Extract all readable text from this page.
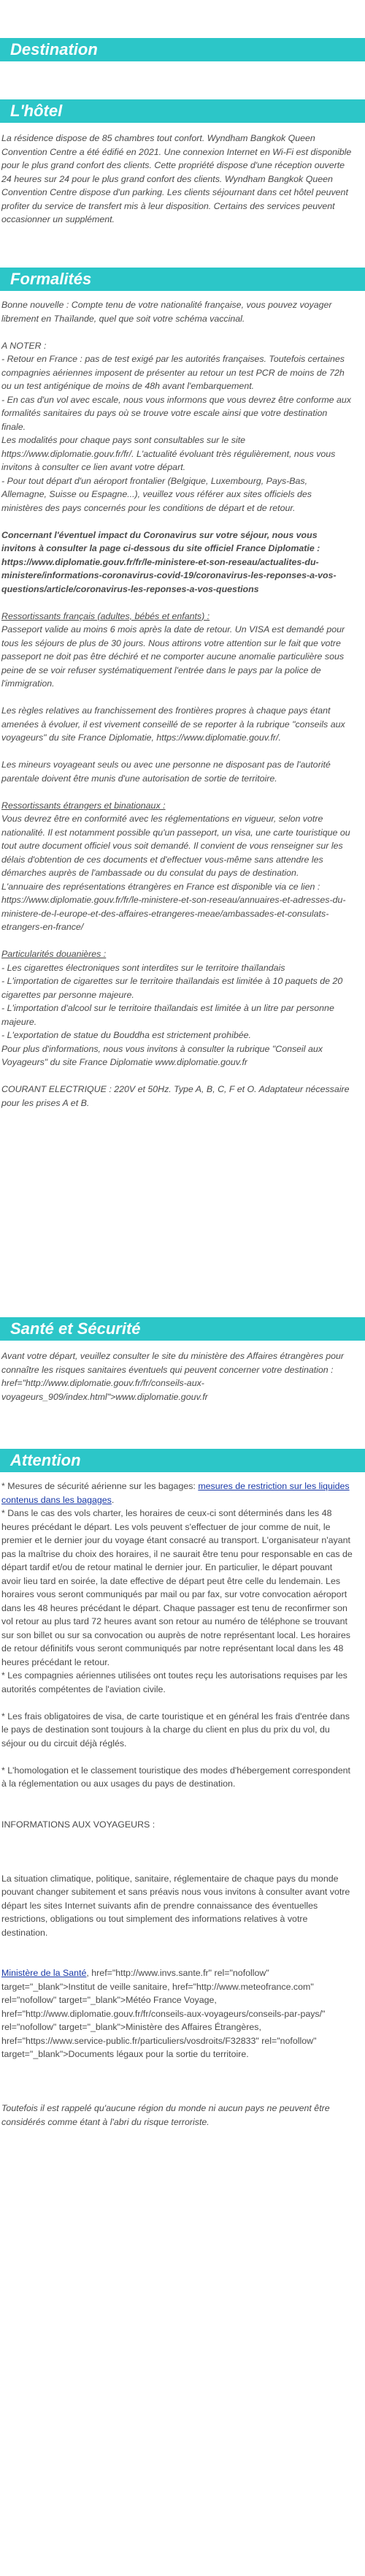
Destination
L'hôtel

La résidence dispose de 85 chambres tout confort. Wyndham Bangkok Queen Convention Centre a été édifié en 2021. Une connexion Internet en Wi-Fi est disponible pour le plus grand confort des clients. Cette propriété dispose d'une réception ouverte 24 heures sur 24 pour le plus grand confort des clients. Wyndham Bangkok Queen Convention Centre dispose d'un parking. Les clients séjournant dans cet hôtel peuvent profiter du service de transfert mis à leur disposition. Certains des services peuvent occasionner un supplément.

Formalités

Bonne nouvelle : Compte tenu de votre nationalité française, vous pouvez voyager librement en Thaïlande, quel que soit votre schéma vaccinal.

A NOTER :

- Retour en France : pas de test exigé par les autorités françaises. Toutefois certaines compagnies aériennes imposent de présenter au retour un test PCR de moins de 72h ou un test antigénique de moins de 48h avant l'embarquement.

- En cas d'un vol avec escale, nous vous informons que vous devrez être conforme aux formalités sanitaires du pays où se trouve votre escale ainsi que votre destination finale.

Les modalités pour chaque pays sont consultables sur le site https://www.diplomatie.gouv.fr/fr/. L'actualité évoluant très régulièrement, nous vous invitons à consulter ce lien avant votre départ.

- Pour tout départ d'un aéroport frontalier (Belgique, Luxembourg, Pays-Bas, Allemagne, Suisse ou Espagne...), veuillez vous référer aux sites officiels des ministères des pays concernés pour les conditions de départ et de retour.

Concernant l'éventuel impact du Coronavirus sur votre séjour, nous vous invitons à consulter la page ci-dessous du site officiel France Diplomatie : https://www.diplomatie.gouv.fr/fr/le-ministere-et-son-reseau/actualites-du-ministere/informations-coronavirus-covid-19/coronavirus-les-reponses-a-vos-questions/article/coronavirus-les-reponses-a-vos-questions

Ressortissants français (adultes, bébés et enfants) :

Passeport valide au moins 6 mois après la date de retour. Un VISA est demandé pour tous les séjours de plus de 30 jours. Nous attirons votre attention sur le fait que votre passeport ne doit pas être déchiré et ne comporter aucune anomalie particulière sous peine de se voir refuser systématiquement l'entrée dans le pays par la police de l'immigration.

Les règles relatives au franchissement des frontières propres à chaque pays étant amenées à évoluer, il est vivement conseillé de se reporter à la rubrique "conseils aux voyageurs" du site France Diplomatie, https://www.diplomatie.gouv.fr/.

Les mineurs voyageant seuls ou avec une personne ne disposant pas de l'autorité parentale doivent être munis d'une autorisation de sortie de territoire.

Ressortissants étrangers et binationaux :

Vous devrez être en conformité avec les réglementations en vigueur, selon votre nationalité. Il est notamment possible qu'un passeport, un visa, une carte touristique ou tout autre document officiel vous soit demandé. Il convient de vous renseigner sur les délais d'obtention de ces documents et d'effectuer vous-même sans attendre les démarches auprès de l'ambassade ou du consulat du pays de destination.

L'annuaire des représentations étrangères en France est disponible via ce lien : https://www.diplomatie.gouv.fr/fr/le-ministere-et-son-reseau/annuaires-et-adresses-du-ministere-de-l-europe-et-des-affaires-etrangeres-meae/ambassades-et-consulats-etrangers-en-france/

Particularités douanières :

- Les cigarettes électroniques sont interdites sur le territoire thaïlandais

- L'importation de cigarettes sur le territoire thaïlandais est limitée à 10 paquets de 20 cigarettes par personne majeure.

- L'importation d'alcool sur le territoire thaïlandais est limitée à un litre par personne majeure.

- L'exportation de statue du Bouddha est strictement prohibée.

Pour plus d'informations, nous vous invitons à consulter la rubrique "Conseil aux Voyageurs" du site France Diplomatie www.diplomatie.gouv.fr

COURANT ELECTRIQUE : 220V et 50Hz. Type A, B, C, F et O. Adaptateur nécessaire pour les prises A et B.

Santé et Sécurité

Avant votre départ, veuillez consulter le site du ministère des Affaires étrangères pour connaître les risques sanitaires éventuels qui peuvent concerner votre destination : href="http://www.diplomatie.gouv.fr/fr/conseils-aux-voyageurs_909/index.html">www.diplomatie.gouv.fr

Attention

* Mesures de sécurité aérienne sur les bagages: mesures de restriction sur les liquides contenus dans les bagages.

* Dans le cas des vols charter, les horaires de ceux-ci sont déterminés dans les 48 heures précédant le départ. Les vols peuvent s'effectuer de jour comme de nuit, le premier et le dernier jour du voyage étant consacré au transport. L'organisateur n'ayant pas la maîtrise du choix des horaires, il ne saurait être tenu pour responsable en cas de départ tardif et/ou de retour matinal le dernier jour. En particulier, le départ pouvant avoir lieu tard en soirée, la date effective de départ peut être celle du lendemain. Les horaires vous seront communiqués par mail ou par fax, sur votre convocation aéroport dans les 48 heures précédant le départ. Chaque passager est tenu de reconfirmer son vol retour au plus tard 72 heures avant son retour au numéro de téléphone se trouvant sur son billet ou sur sa convocation ou auprès de notre représentant local. Les horaires de retour définitifs vous seront communiqués par notre représentant local dans les 48 heures précédant le retour.

* Les compagnies aériennes utilisées ont toutes reçu les autorisations requises par les autorités compétentes de l'aviation civile.

* Les frais obligatoires de visa, de carte touristique et en général les frais d'entrée dans le pays de destination sont toujours à la charge du client en plus du prix du vol, du séjour ou du circuit déjà réglés.

* L'homologation et le classement touristique des modes d'hébergement correspondent à la réglementation ou aux usages du pays de destination.

INFORMATIONS AUX VOYAGEURS :

La situation climatique, politique, sanitaire, réglementaire de chaque pays du monde pouvant changer subitement et sans préavis nous vous invitons à consulter avant votre départ les sites Internet suivants afin de prendre connaissance des éventuelles restrictions, obligations ou tout simplement des informations relatives à votre destination.

Ministère de la Santé, href="http://www.invs.sante.fr" rel="nofollow" target="_blank">Institut de veille sanitaire, href="http://www.meteofrance.com" rel="nofollow" target="_blank">Météo France Voyage, href="http://www.diplomatie.gouv.fr/fr/conseils-aux-voyageurs/conseils-par-pays/" rel="nofollow" target="_blank">Ministère des Affaires Étrangères, href="https://www.service-public.fr/particuliers/vosdroits/F32833" rel="nofollow" target="_blank">Documents légaux pour la sortie du territoire.

Toutefois il est rappelé qu'aucune région du monde ni aucun pays ne peuvent être considérés comme étant à l'abri du risque terroriste.
